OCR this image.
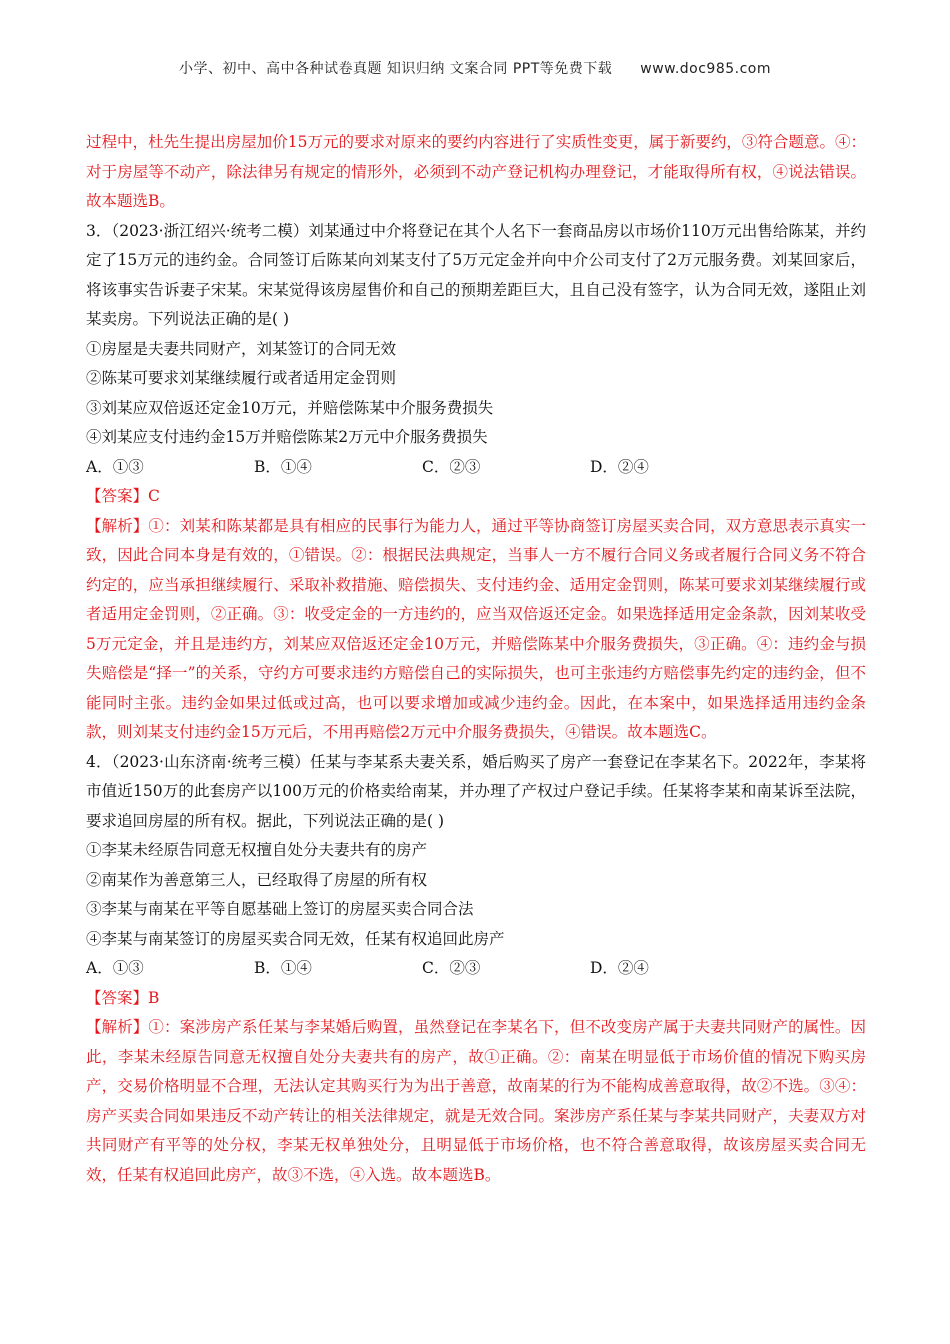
小学、初中、高中各种试卷真题 知识归纳 文案合同 PPT等免费下载 www.doc985.com

过程中，杜先生提出房屋加价15万元的要求对原来的要约内容进行了实质性变更，属于新要约，③符合题意。④：对于房屋等不动产，除法律另有规定的情形外，必须到不动产登记机构办理登记，才能取得所有权，④说法错误。故本题选B。

3．（2023·浙江绍兴·统考二模）刘某通过中介将登记在其个人名下一套商品房以市场价110万元出售给陈某，并约定了15万元的违约金。合同签订后陈某向刘某支付了5万元定金并向中介公司支付了2万元服务费。刘某回家后，将该事实告诉妻子宋某。宋某觉得该房屋售价和自己的预期差距巨大，且自己没有签字，认为合同无效，遂阻止刘某卖房。下列说法正确的是( )

①房屋是夫妻共同财产，刘某签订的合同无效

②陈某可要求刘某继续履行或者适用定金罚则

③刘某应双倍返还定金10万元，并赔偿陈某中介服务费损失

④刘某应支付违约金15万并赔偿陈某2万元中介服务费损失

A．①③	B．①④	C．②③	D．②④

【答案】C

【解析】①：刘某和陈某都是具有相应的民事行为能力人，通过平等协商签订房屋买卖合同，双方意思表示真实一致，因此合同本身是有效的，①错误。②：根据民法典规定，当事人一方不履行合同义务或者履行合同义务不符合约定的，应当承担继续履行、采取补救措施、赔偿损失、支付违约金、适用定金罚则，陈某可要求刘某继续履行或者适用定金罚则，②正确。③：收受定金的一方违约的，应当双倍返还定金。如果选择适用定金条款，因刘某收受5万元定金，并且是违约方，刘某应双倍返还定金10万元，并赔偿陈某中介服务费损失，③正确。④：违约金与损失赔偿是“择一”的关系，守约方可要求违约方赔偿自己的实际损失，也可主张违约方赔偿事先约定的违约金，但不能同时主张。违约金如果过低或过高，也可以要求增加或减少违约金。因此，在本案中，如果选择适用违约金条款，则刘某支付违约金15万元后，不用再赔偿2万元中介服务费损失，④错误。故本题选C。

4．（2023·山东济南·统考三模）任某与李某系夫妻关系，婚后购买了房产一套登记在李某名下。2022年，李某将市值近150万的此套房产以100万元的价格卖给南某，并办理了产权过户登记手续。任某将李某和南某诉至法院，要求追回房屋的所有权。据此，下列说法正确的是( )

①李某未经原告同意无权擅自处分夫妻共有的房产

②南某作为善意第三人，已经取得了房屋的所有权

③李某与南某在平等自愿基础上签订的房屋买卖合同合法

④李某与南某签订的房屋买卖合同无效，任某有权追回此房产

A．①③	B．①④	C．②③	D．②④

【答案】B

【解析】①：案涉房产系任某与李某婚后购置，虽然登记在李某名下，但不改变房产属于夫妻共同财产的属性。因此，李某未经原告同意无权擅自处分夫妻共有的房产，故①正确。②：南某在明显低于市场价值的情况下购买房产，交易价格明显不合理，无法认定其购买行为为出于善意，故南某的行为不能构成善意取得，故②不选。③④：房产买卖合同如果违反不动产转让的相关法律规定，就是无效合同。案涉房产系任某与李某共同财产，夫妻双方对共同财产有平等的处分权，李某无权单独处分，且明显低于市场价格，也不符合善意取得，故该房屋买卖合同无效，任某有权追回此房产，故③不选，④入选。故本题选B。
